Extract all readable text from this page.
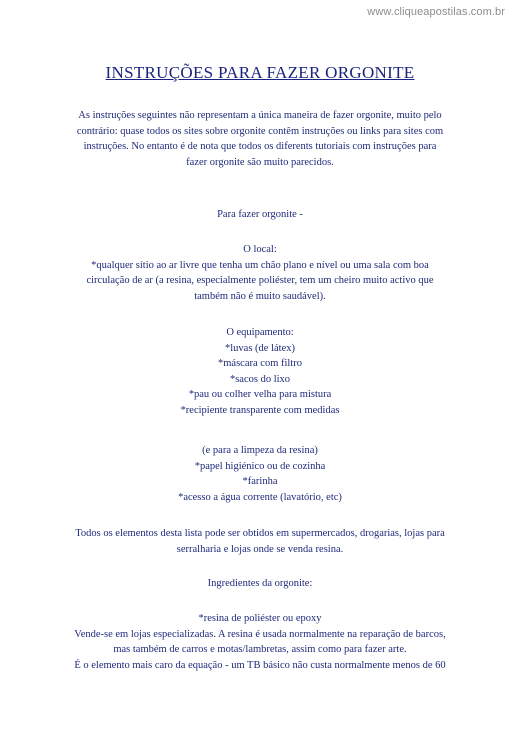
www.cliqueapostilas.com.br
INSTRUÇÕES PARA FAZER ORGONITE
As instruções seguintes não representam a única maneira de fazer orgonite, muito pelo
contrário: quase todos os sites sobre orgonite contêm instruções ou links para sites com
instruções. No entanto é de nota que todos os diferents tutoriais com instruções para
fazer orgonite são muito parecidos.
Para fazer orgonite -
O local:
*qualquer sítio ao ar livre que tenha um chão plano e nível ou uma sala com boa
circulação de ar (a resina, especialmente poliéster, tem um cheiro muito activo que
também não é muito saudável).
O equipamento:
*luvas (de látex)
*máscara com filtro
*sacos do lixo
*pau ou colher velha para mistura
*recipiente transparente com medidas
(e para a limpeza da resina)
*papel higiénico ou de cozinha
*farinha
*acesso a água corrente (lavatório, etc)
Todos os elementos desta lista pode ser obtidos em supermercados, drogarias, lojas para
serralharia e lojas onde se venda resina.
Ingredientes da orgonite:
*resina de poliéster ou epoxy
Vende-se em lojas especializadas. A resina é usada normalmente na reparação de barcos,
mas também de carros e motas/lambretas, assim como para fazer arte.
É o elemento mais caro da equação - um TB básico não custa normalmente menos de 60
